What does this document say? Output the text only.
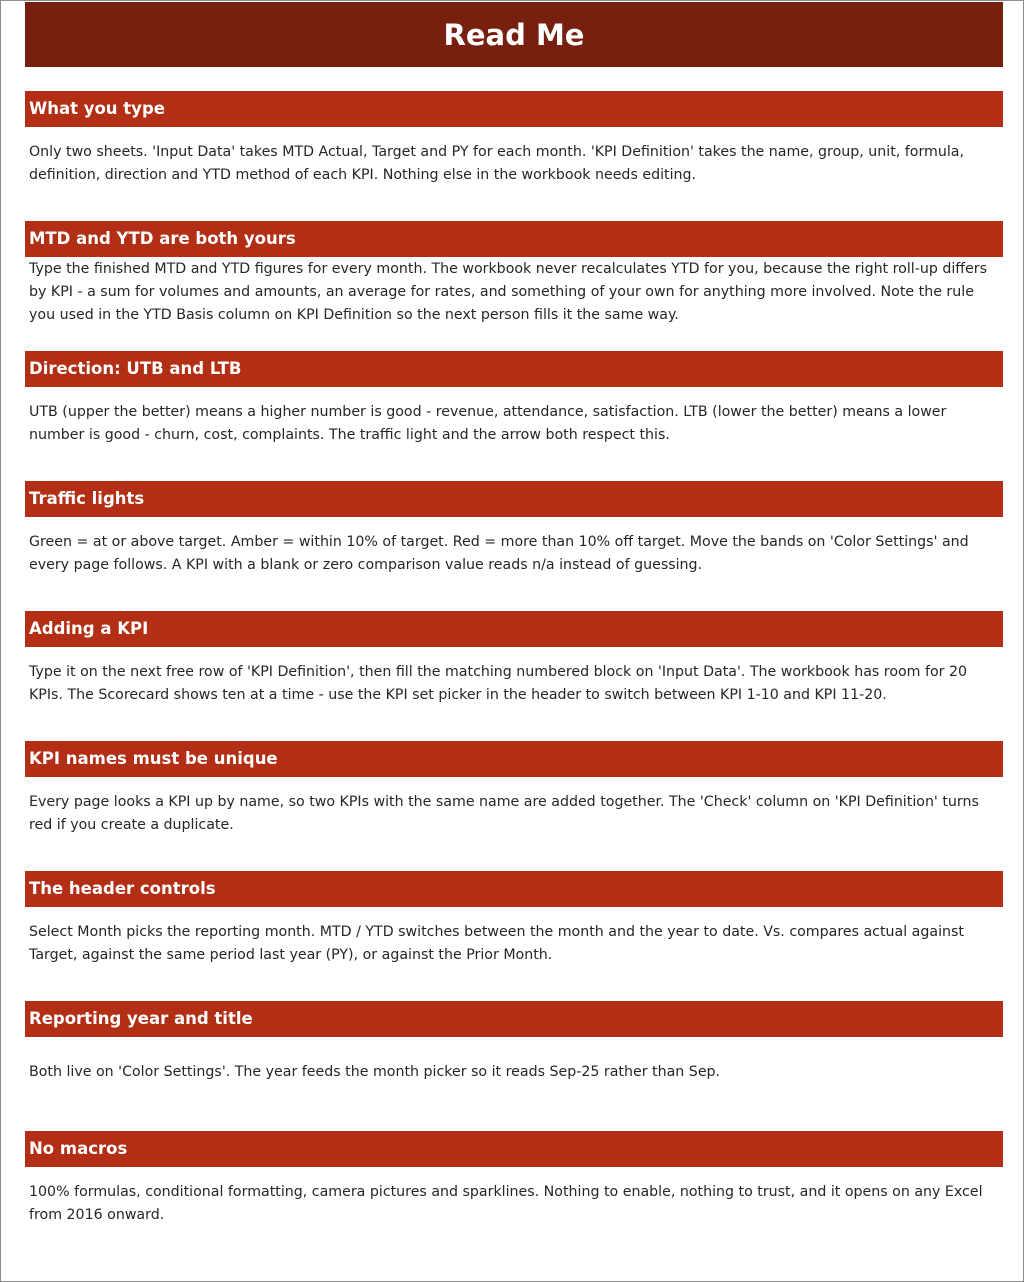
Read Me
What you type
Only two sheets. 'Input Data' takes MTD Actual, Target and PY for each month. 'KPI Definition' takes the name, group, unit, formula, definition, direction and YTD method of each KPI. Nothing else in the workbook needs editing.
MTD and YTD are both yours
Type the finished MTD and YTD figures for every month. The workbook never recalculates YTD for you, because the right roll-up differs by KPI - a sum for volumes and amounts, an average for rates, and something of your own for anything more involved. Note the rule you used in the YTD Basis column on KPI Definition so the next person fills it the same way.
Direction: UTB and LTB
UTB (upper the better) means a higher number is good - revenue, attendance, satisfaction. LTB (lower the better) means a lower number is good - churn, cost, complaints. The traffic light and the arrow both respect this.
Traffic lights
Green = at or above target. Amber = within 10% of target. Red = more than 10% off target. Move the bands on 'Color Settings' and every page follows. A KPI with a blank or zero comparison value reads n/a instead of guessing.
Adding a KPI
Type it on the next free row of 'KPI Definition', then fill the matching numbered block on 'Input Data'. The workbook has room for 20 KPIs. The Scorecard shows ten at a time - use the KPI set picker in the header to switch between KPI 1-10 and KPI 11-20.
KPI names must be unique
Every page looks a KPI up by name, so two KPIs with the same name are added together. The 'Check' column on 'KPI Definition' turns red if you create a duplicate.
The header controls
Select Month picks the reporting month. MTD / YTD switches between the month and the year to date. Vs. compares actual against Target, against the same period last year (PY), or against the Prior Month.
Reporting year and title
Both live on 'Color Settings'. The year feeds the month picker so it reads Sep-25 rather than Sep.
No macros
100% formulas, conditional formatting, camera pictures and sparklines. Nothing to enable, nothing to trust, and it opens on any Excel from 2016 onward.
